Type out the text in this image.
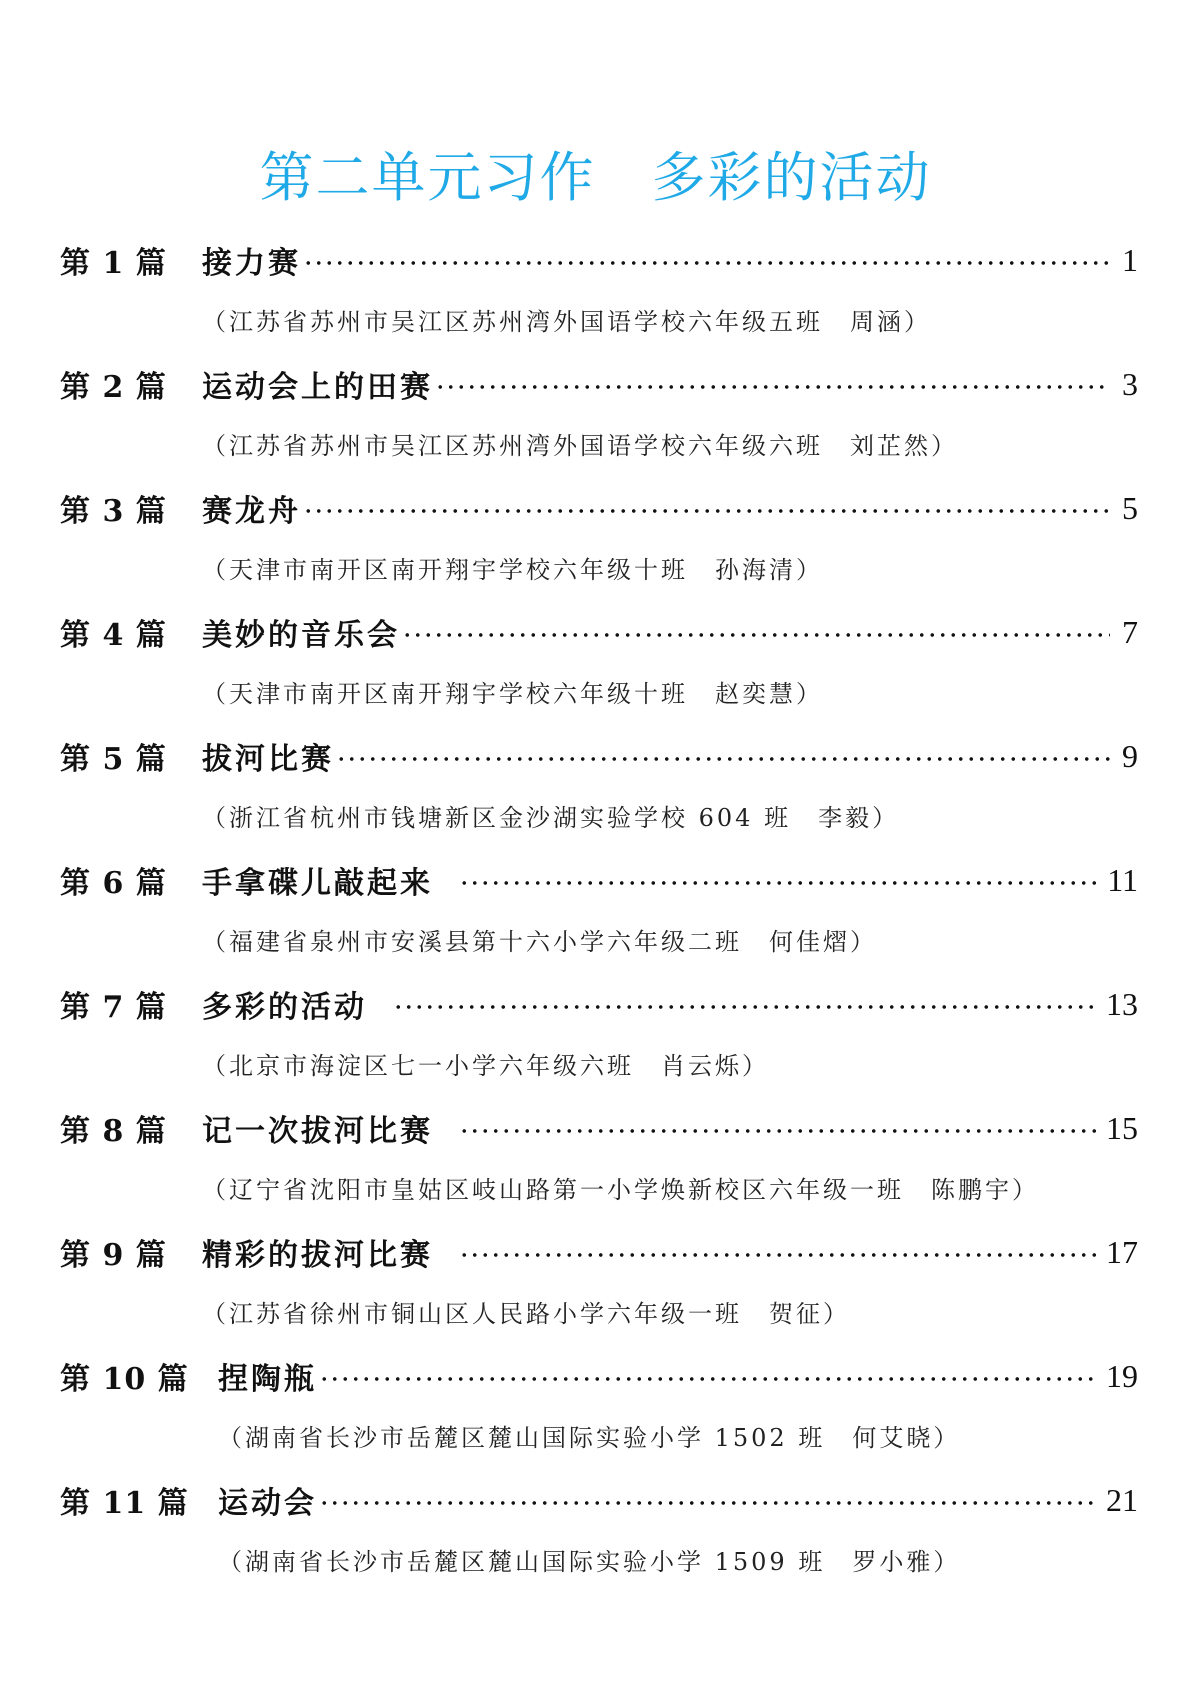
第二单元习作　多彩的活动
第 1 篇	接力赛	1
（江苏省苏州市吴江区苏州湾外国语学校六年级五班　周涵）
第 2 篇	运动会上的田赛	3
（江苏省苏州市吴江区苏州湾外国语学校六年级六班　刘芷然）
第 3 篇	赛龙舟	5
（天津市南开区南开翔宇学校六年级十班　孙海清）
第 4 篇	美妙的音乐会	7
（天津市南开区南开翔宇学校六年级十班　赵奕慧）
第 5 篇	拔河比赛	9
（浙江省杭州市钱塘新区金沙湖实验学校 604 班　李毅）
第 6 篇	手拿碟儿敲起来	11
（福建省泉州市安溪县第十六小学六年级二班　何佳熠）
第 7 篇	多彩的活动	13
（北京市海淀区七一小学六年级六班　肖云烁）
第 8 篇	记一次拔河比赛	15
（辽宁省沈阳市皇姑区岐山路第一小学焕新校区六年级一班　陈鹏宇）
第 9 篇	精彩的拔河比赛	17
（江苏省徐州市铜山区人民路小学六年级一班　贺征）
第 10 篇 捏陶瓶	19
（湖南省长沙市岳麓区麓山国际实验小学 1502 班　何艾晓）
第 11 篇 运动会	21
（湖南省长沙市岳麓区麓山国际实验小学 1509 班　罗小雅）
